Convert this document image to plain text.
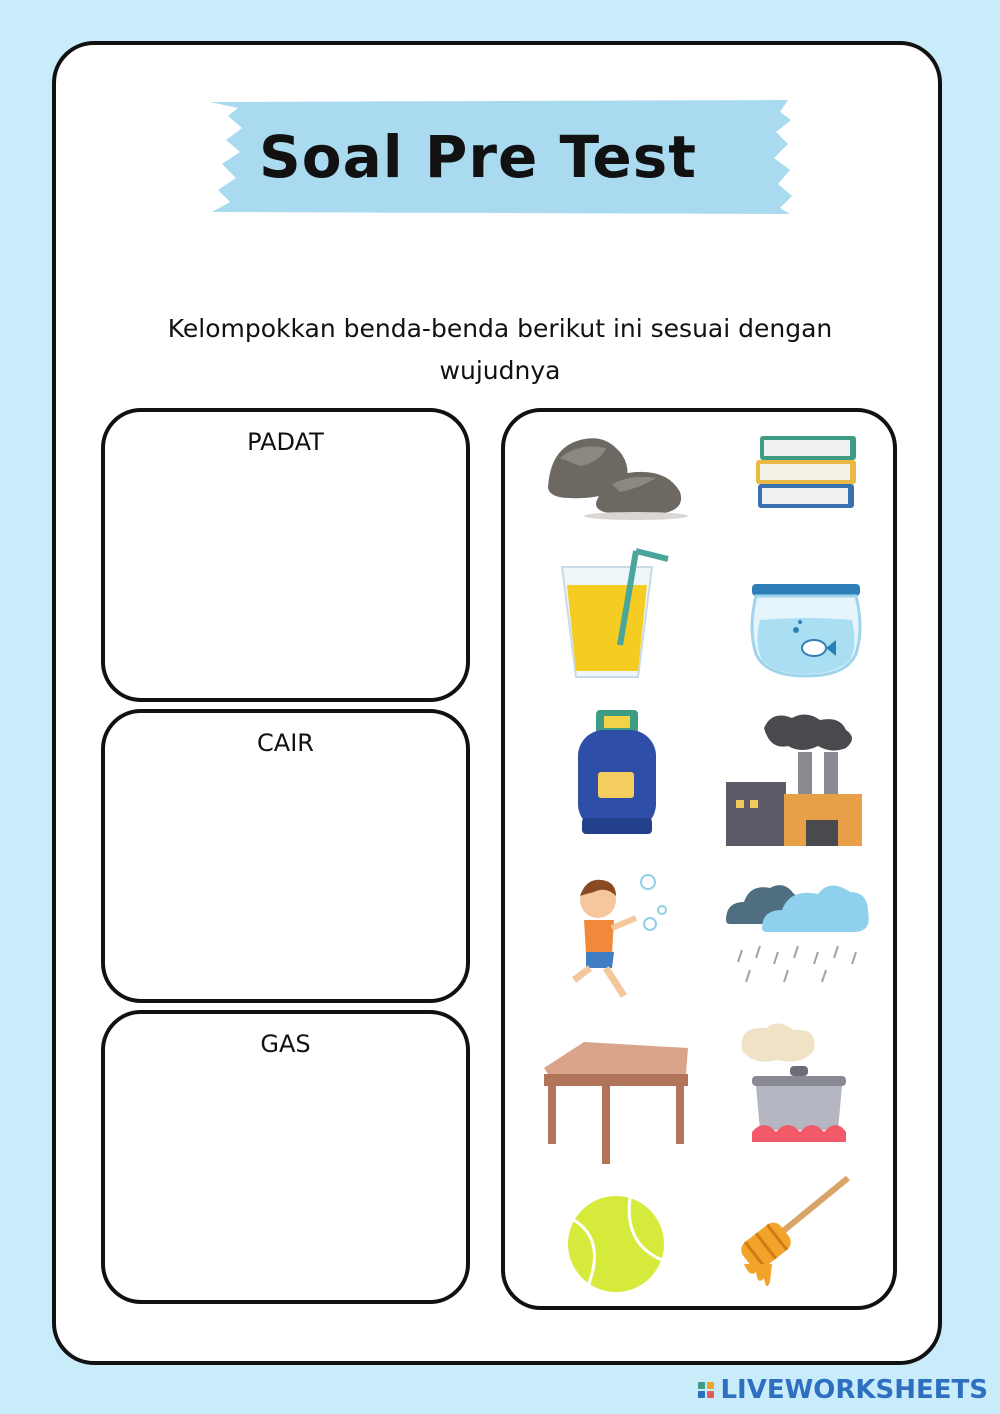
Soal Pre Test
Kelompokkan benda-benda berikut ini sesuai dengan wujudnya
PADAT
CAIR
GAS
LIVEWORKSHEETS
